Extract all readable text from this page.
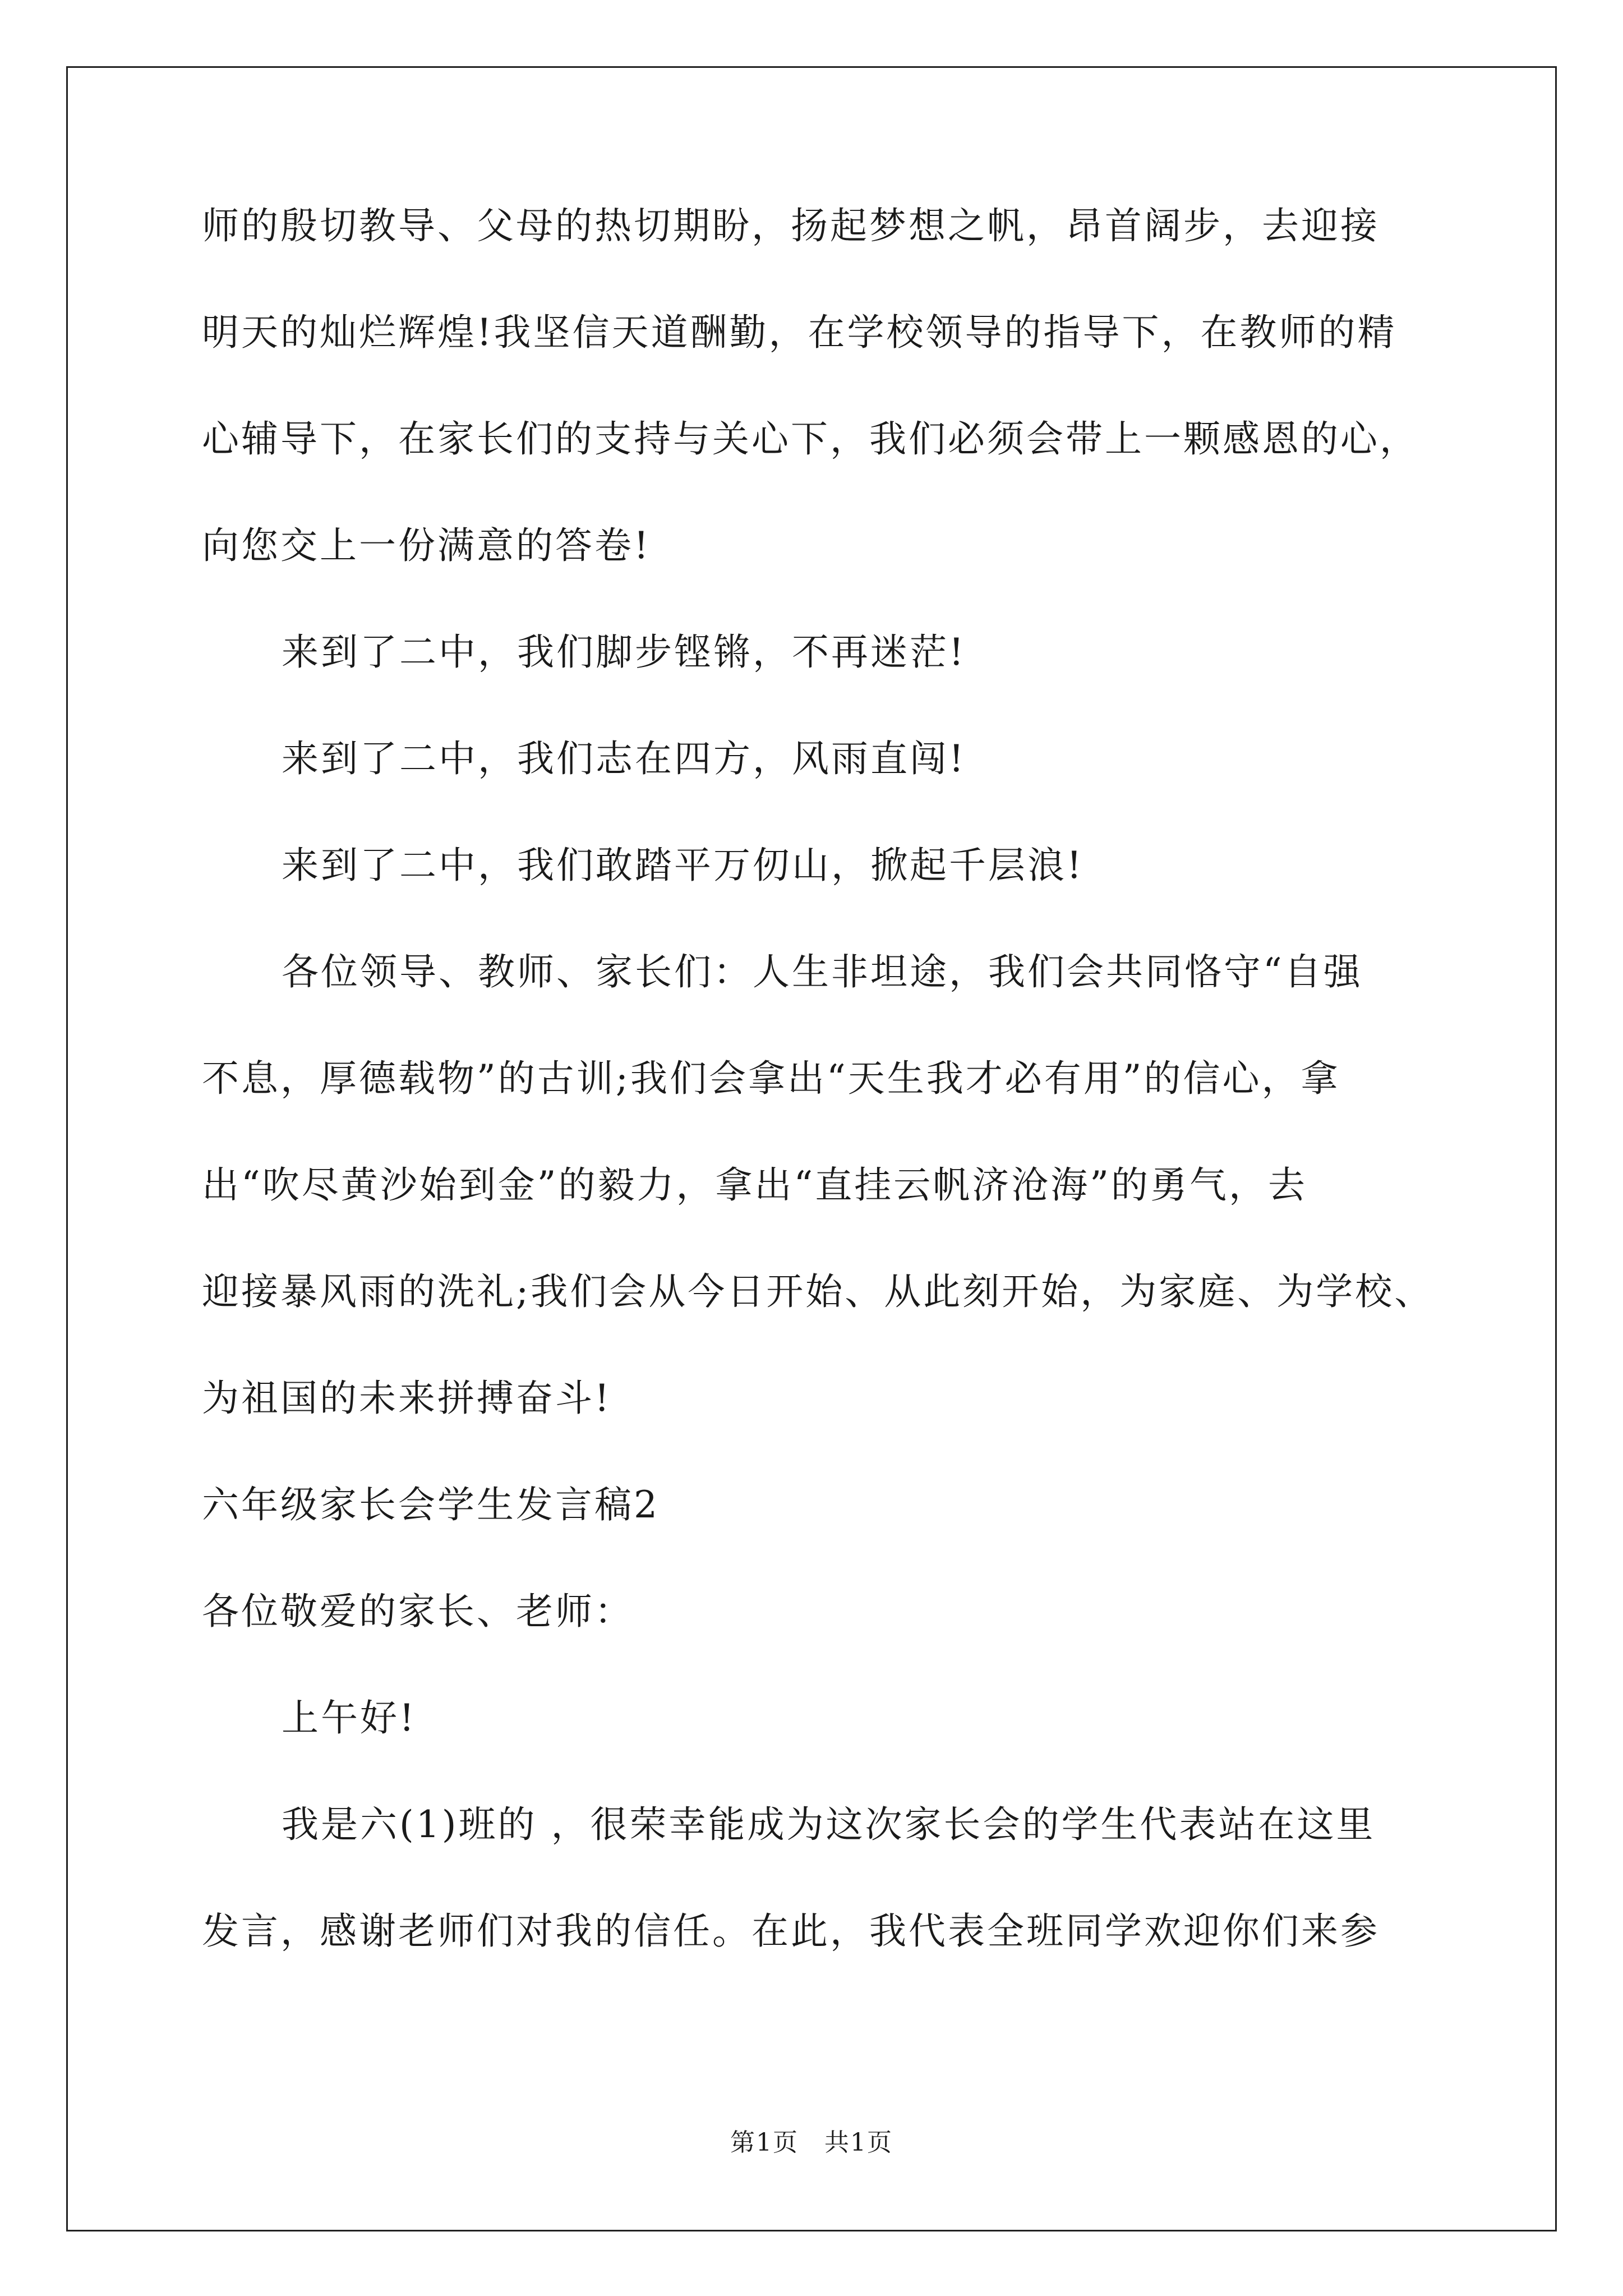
师的殷切教导、父母的热切期盼，扬起梦想之帆，昂首阔步，去迎接
明天的灿烂辉煌!我坚信天道酬勤，在学校领导的指导下，在教师的精
心辅导下，在家长们的支持与关心下，我们必须会带上一颗感恩的心，
向您交上一份满意的答卷!
来到了二中，我们脚步铿锵，不再迷茫!
来到了二中，我们志在四方，风雨直闯!
来到了二中，我们敢踏平万仞山，掀起千层浪!
各位领导、教师、家长们：人生非坦途，我们会共同恪守“自强
不息，厚德载物”的古训;我们会拿出“天生我才必有用”的信心，拿
出“吹尽黄沙始到金”的毅力，拿出“直挂云帆济沧海”的勇气，去
迎接暴风雨的洗礼;我们会从今日开始、从此刻开始，为家庭、为学校、
为祖国的未来拼搏奋斗!
六年级家长会学生发言稿2
各位敬爱的家长、老师：
上午好!
我是六(1)班的 ，很荣幸能成为这次家长会的学生代表站在这里
发言，感谢老师们对我的信任。在此，我代表全班同学欢迎你们来参
第1页　共1页
